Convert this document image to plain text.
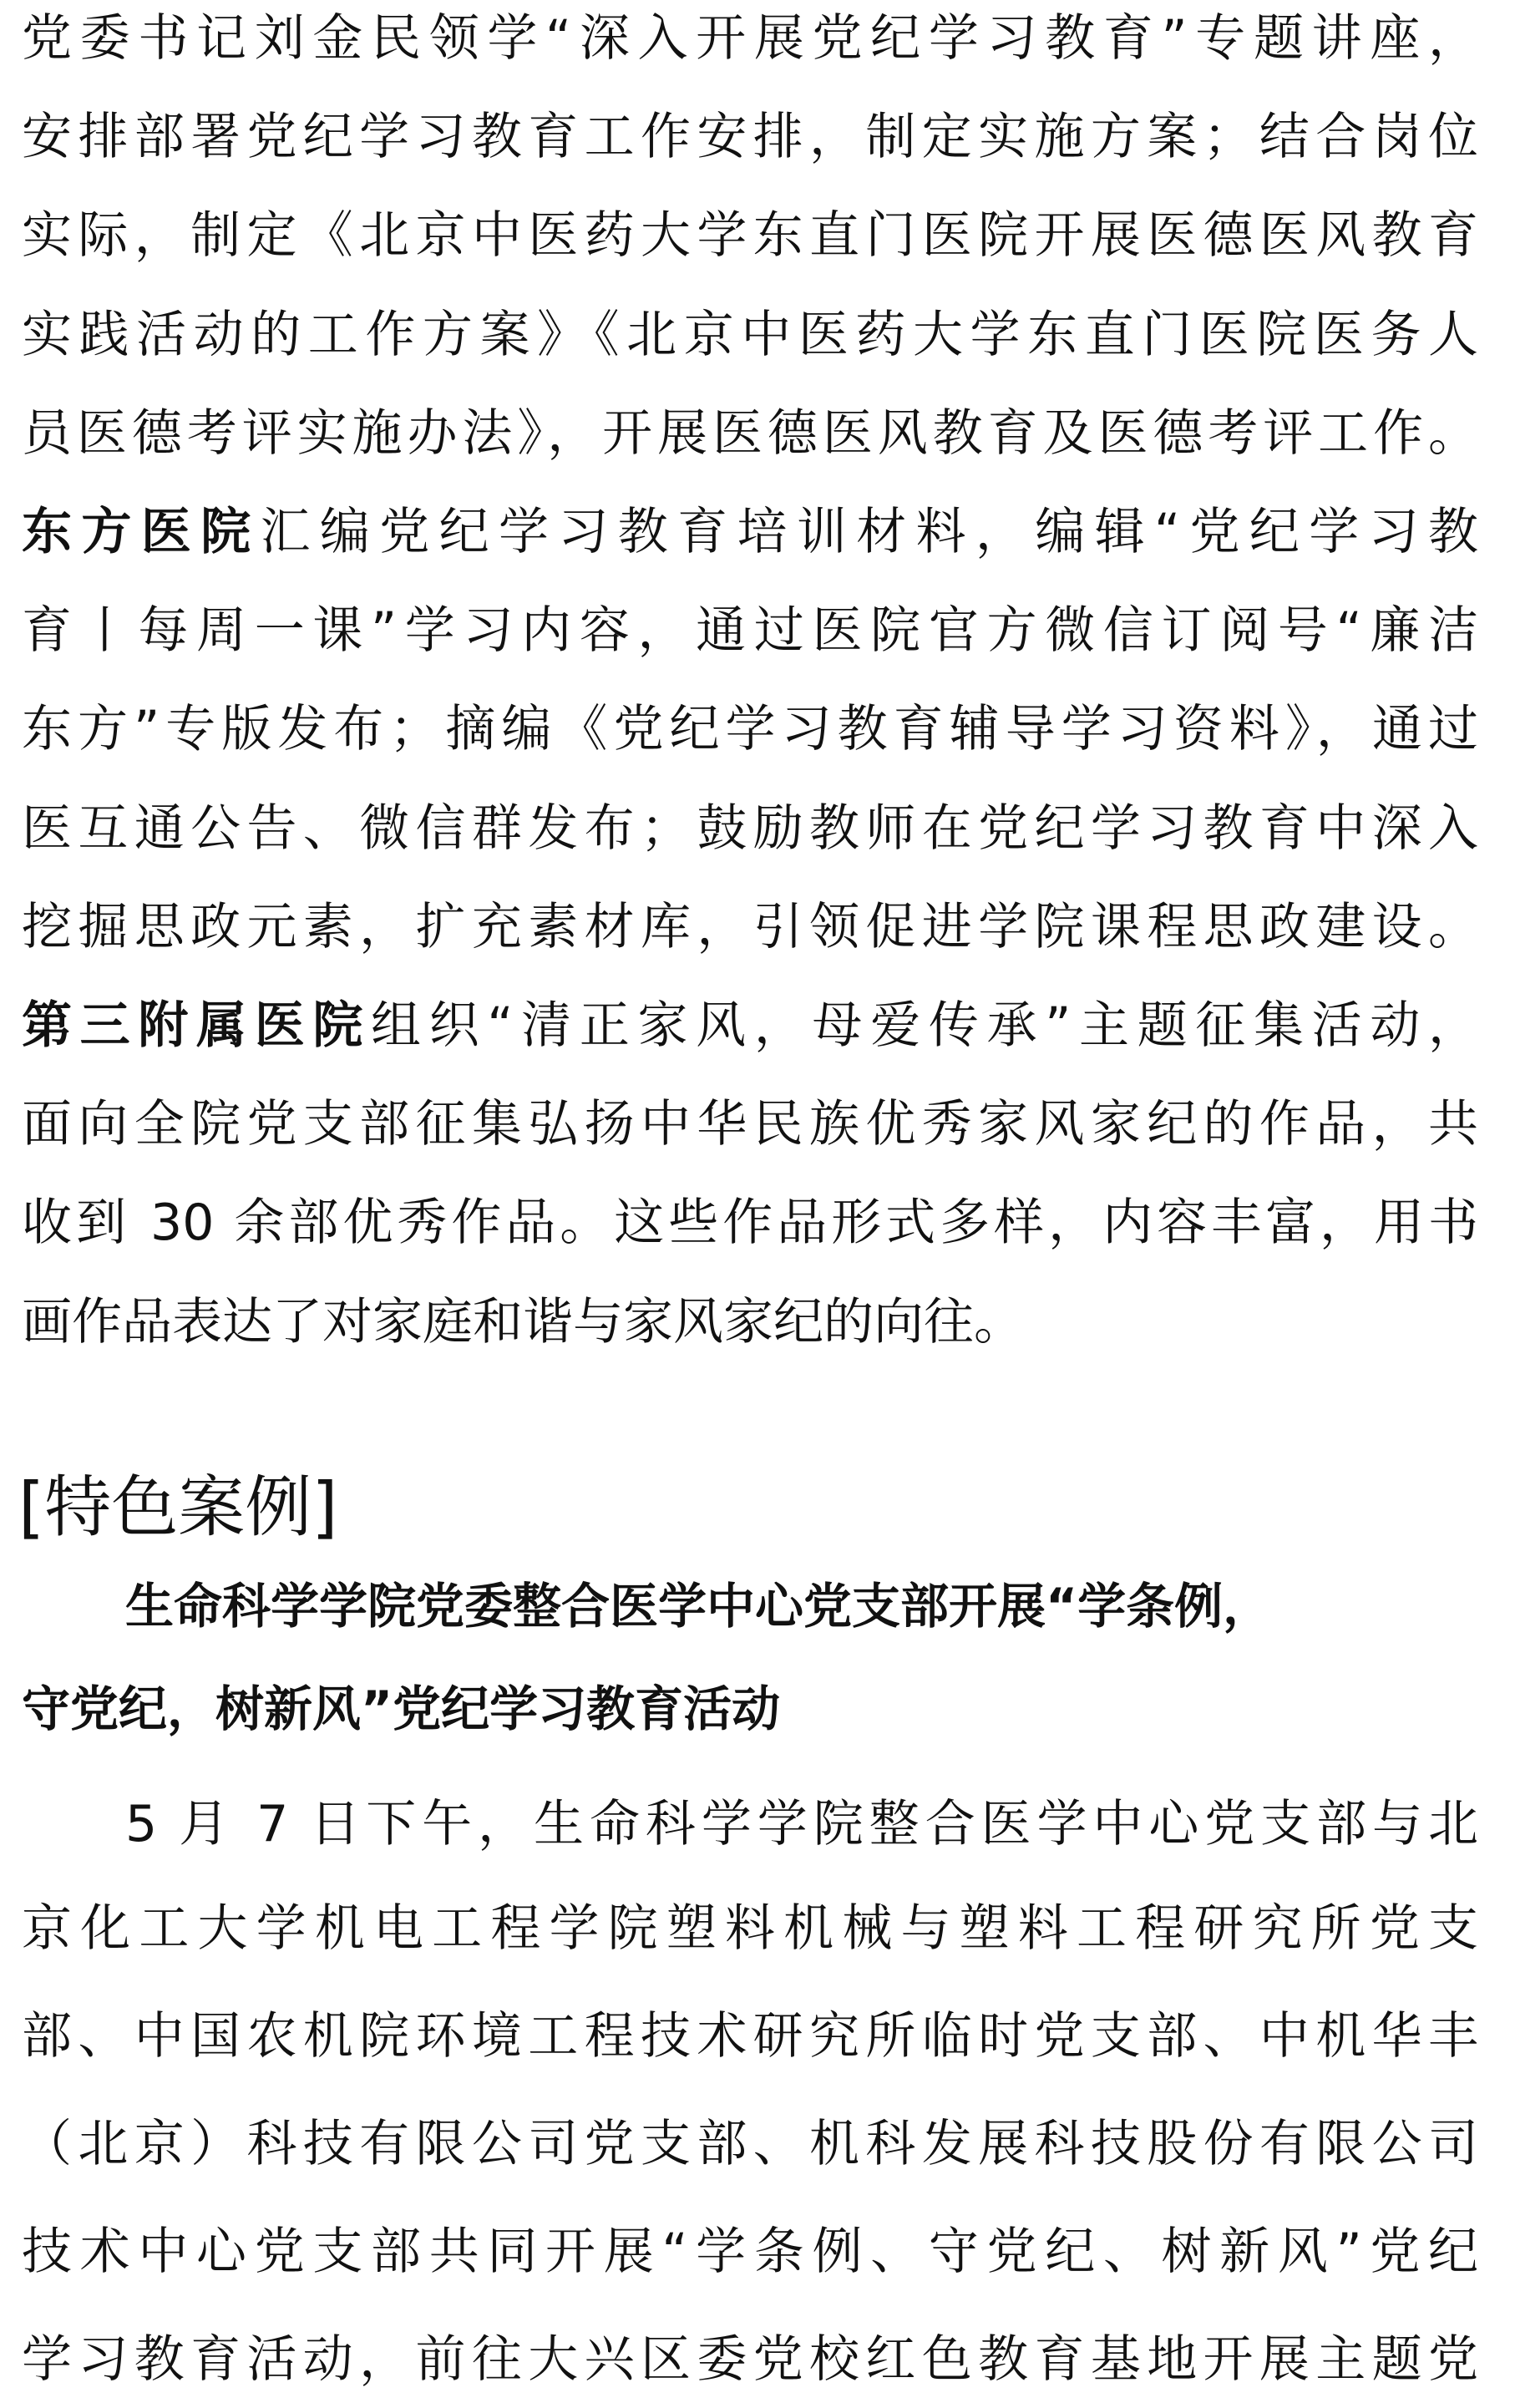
[特色案例]
生命科学学院党委整合医学中心党支部开展“学条例，
守党纪，树新风”党纪学习教育活动
5 月 7 日下午，生命科学学院整合医学中心党支部与北
京化工大学机电工程学院塑料机械与塑料工程研究所党支
部、中国农机院环境工程技术研究所临时党支部、中机华丰
（北京）科技有限公司党支部、机科发展科技股份有限公司
技术中心党支部共同开展“学条例、守党纪、树新风”党纪
学习教育活动，前往大兴区委党校红色教育基地开展主题党
党委书记刘金民领学“深入开展党纪学习教育”专题讲座，
安排部署党纪学习教育工作安排，制定实施方案；结合岗位
实际，制定《北京中医药大学东直门医院开展医德医风教育
实践活动的工作方案》《北京中医药大学东直门医院医务人
员医德考评实施办法》，开展医德医风教育及医德考评工作。
东方医院汇编党纪学习教育培训材料，编辑“党纪学习教
育丨每周一课”学习内容，通过医院官方微信订阅号“廉洁
东方”专版发布；摘编《党纪学习教育辅导学习资料》，通过
医互通公告、微信群发布；鼓励教师在党纪学习教育中深入
挖掘思政元素，扩充素材库，引领促进学院课程思政建设。
第三附属医院组织“清正家风，母爱传承”主题征集活动，
面向全院党支部征集弘扬中华民族优秀家风家纪的作品，共
收到 30 余部优秀作品。这些作品形式多样，内容丰富，用书
画作品表达了对家庭和谐与家风家纪的向往。
